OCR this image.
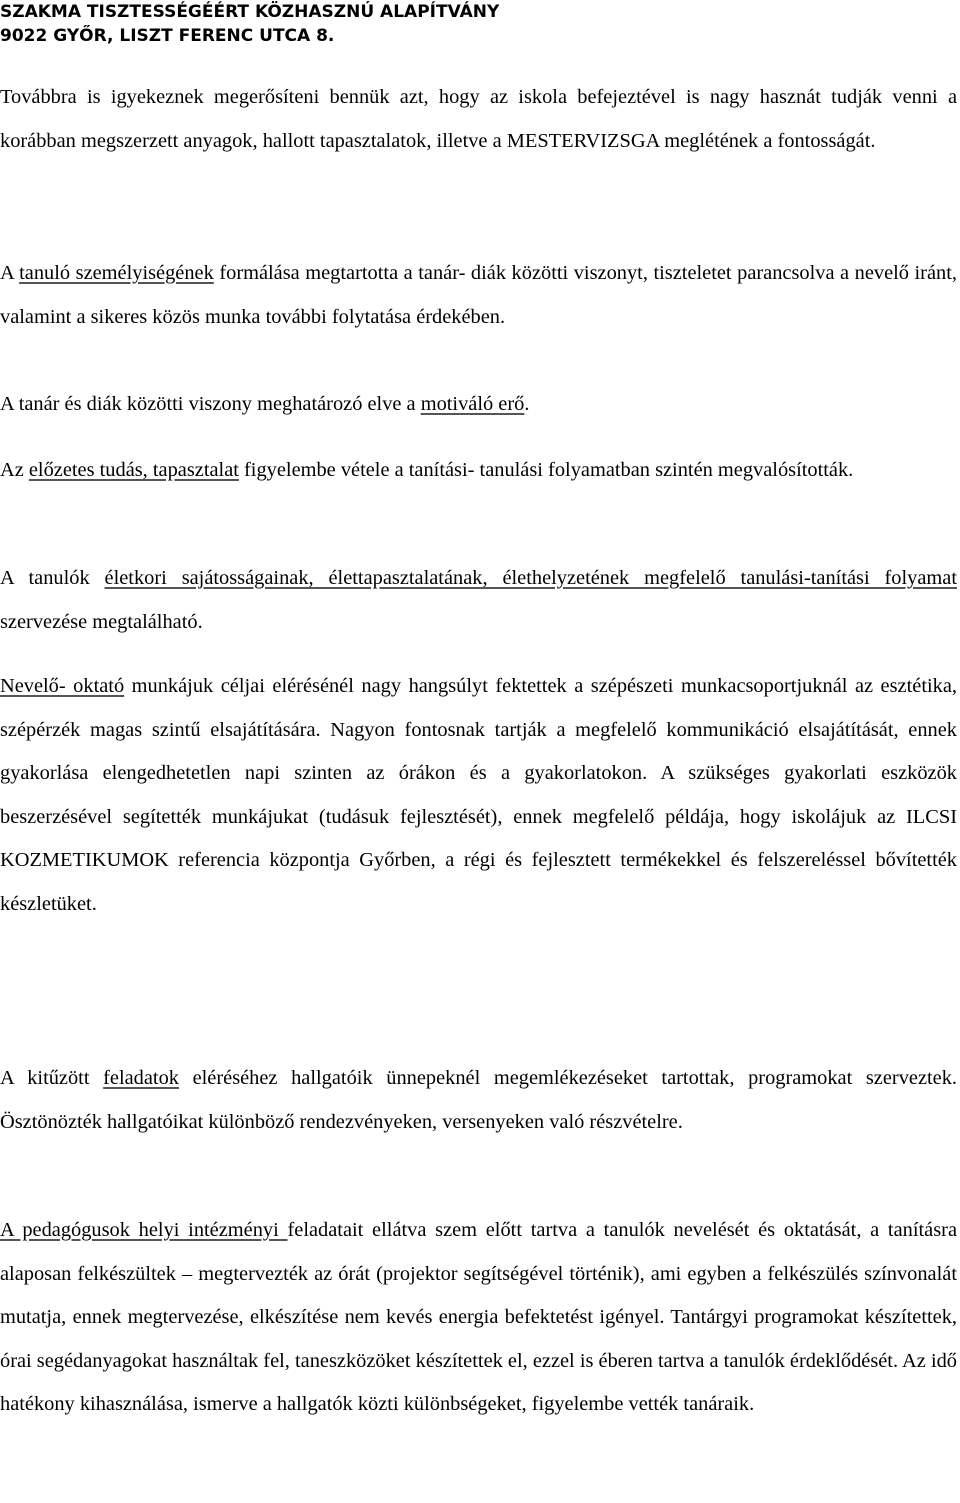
SZAKMA TISZTESSÉGÉÉRT KÖZHASZNÚ ALAPÍTVÁNY
9022 GYŐR, LISZT FERENC UTCA 8.
Továbbra is igyekeznek megerősíteni bennük azt, hogy az iskola befejeztével is nagy hasznát tudják venni a korábban megszerzett anyagok, hallott tapasztalatok, illetve a MESTERVIZSGA meglétének a fontosságát.
A tanuló személyiségének formálása megtartotta a tanár- diák közötti viszonyt, tiszteletet parancsolva a nevelő iránt, valamint a sikeres közös munka további folytatása érdekében.
A tanár és diák közötti viszony meghatározó elve a motiváló erő.
Az előzetes tudás, tapasztalat figyelembe vétele a tanítási- tanulási folyamatban szintén megvalósították.
A tanulók életkori sajátosságainak, élettapasztalatának, élethelyzetének megfelelő tanulási-tanítási folyamat szervezése megtalálható.
Nevelő- oktató munkájuk céljai elérésénél nagy hangsúlyt fektettek a szépészeti munkacsoportjuknál az esztétika, szépérzék magas szintű elsajátítására. Nagyon fontosnak tartják a megfelelő kommunikáció elsajátítását, ennek gyakorlása elengedhetetlen napi szinten az órákon és a gyakorlatokon. A szükséges gyakorlati eszközök beszerzésével segítették munkájukat (tudásuk fejlesztését), ennek megfelelő példája, hogy iskolájuk az ILCSI KOZMETIKUMOK referencia központja Győrben, a régi és fejlesztett termékekkel és felszereléssel bővítették készletüket.
A kitűzött feladatok eléréséhez hallgatóik ünnepeknél megemlékezéseket tartottak, programokat szerveztek. Ösztönözték hallgatóikat különböző rendezvényeken, versenyeken való részvételre.
A pedagógusok helyi intézményi feladatait ellátva szem előtt tartva a tanulók nevelését és oktatását, a tanításra alaposan felkészültek – megtervezték az órát (projektor segítségével történik), ami egyben a felkészülés színvonalát mutatja, ennek megtervezése, elkészítése nem kevés energia befektetést igényel. Tantárgyi programokat készítettek, órai segédanyagokat használtak fel, taneszközöket készítettek el, ezzel is éberen tartva a tanulók érdeklődését. Az idő hatékony kihasználása, ismerve a hallgatók közti különbségeket, figyelembe vették tanáraik.
